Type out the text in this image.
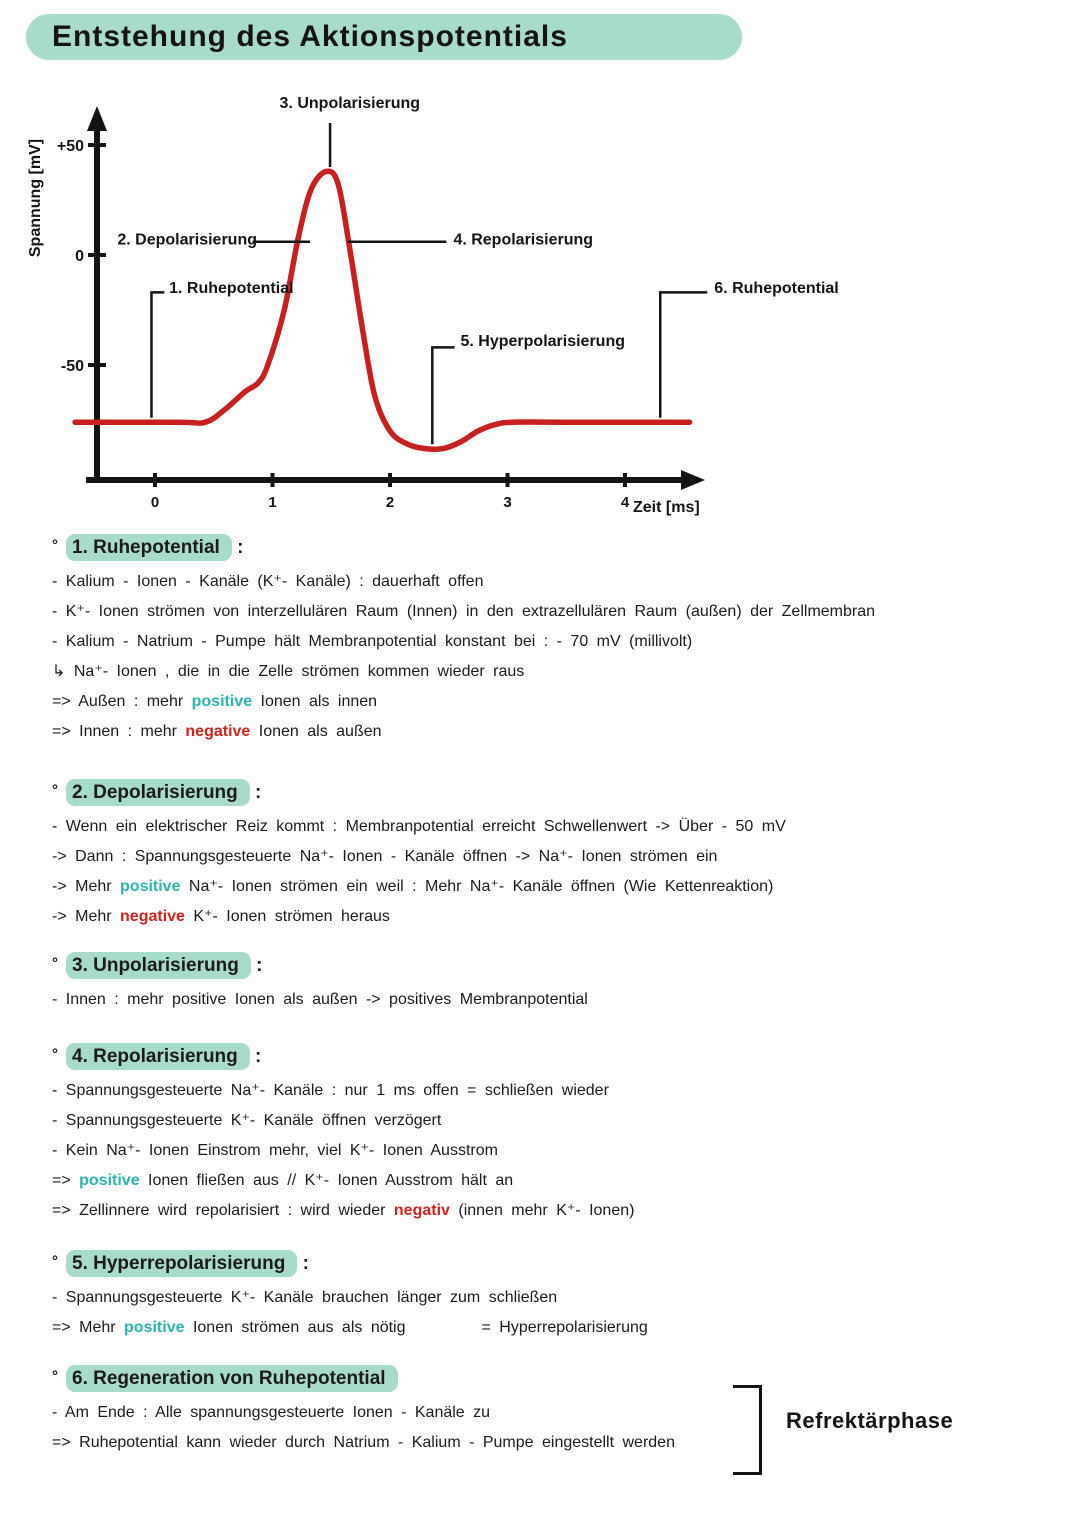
Entstehung des Aktionspotentials
+50
0
-50
0	1	2	3	4 Zeit [ms]
Spannung [mV]
3. Unpolarisierung
2. Depolarisierung	4. Repolarisierung
1. Ruhepotential
5. Hyperpolarisierung
6. Ruhepotential
° 1. Ruhepotential :
- Kalium - Ionen - Kanäle (K⁺- Kanäle) : dauerhaft offen
- K⁺- Ionen strömen von interzellulären Raum (Innen) in den extrazellulären Raum (außen) der Zellmembran
- Kalium - Natrium - Pumpe hält Membranpotential konstant bei : - 70 mV (millivolt)
↳ Na⁺- Ionen , die in die Zelle strömen kommen wieder raus
=> Außen : mehr positive Ionen als innen
=> Innen : mehr negative Ionen als außen
° 2. Depolarisierung :
- Wenn ein elektrischer Reiz kommt : Membranpotential erreicht Schwellenwert -> Über - 50 mV
-> Dann : Spannungsgesteuerte Na⁺- Ionen - Kanäle öffnen -> Na⁺- Ionen strömen ein
-> Mehr positive Na⁺- Ionen strömen ein weil : Mehr Na⁺- Kanäle öffnen (Wie Kettenreaktion)
-> Mehr negative K⁺- Ionen strömen heraus
° 3. Unpolarisierung :
- Innen : mehr positive Ionen als außen -> positives Membranpotential
° 4. Repolarisierung :
- Spannungsgesteuerte Na⁺- Kanäle : nur 1 ms offen = schließen wieder
- Spannungsgesteuerte K⁺- Kanäle öffnen verzögert
- Kein Na⁺- Ionen Einstrom mehr, viel K⁺- Ionen Ausstrom
=> positive Ionen fließen aus // K⁺- Ionen Ausstrom hält an
=> Zellinnere wird repolarisiert : wird wieder negativ (innen mehr K⁺- Ionen)
° 5. Hyperrepolarisierung :
- Spannungsgesteuerte K⁺- Kanäle brauchen länger zum schließen
=> Mehr positive Ionen strömen aus als nötig         = Hyperrepolarisierung
° 6. Regeneration von Ruhepotential
- Am Ende : Alle spannungsgesteuerte Ionen - Kanäle zu
=> Ruhepotential kann wieder durch Natrium - Kalium - Pumpe eingestellt werden
Refrektärphase
